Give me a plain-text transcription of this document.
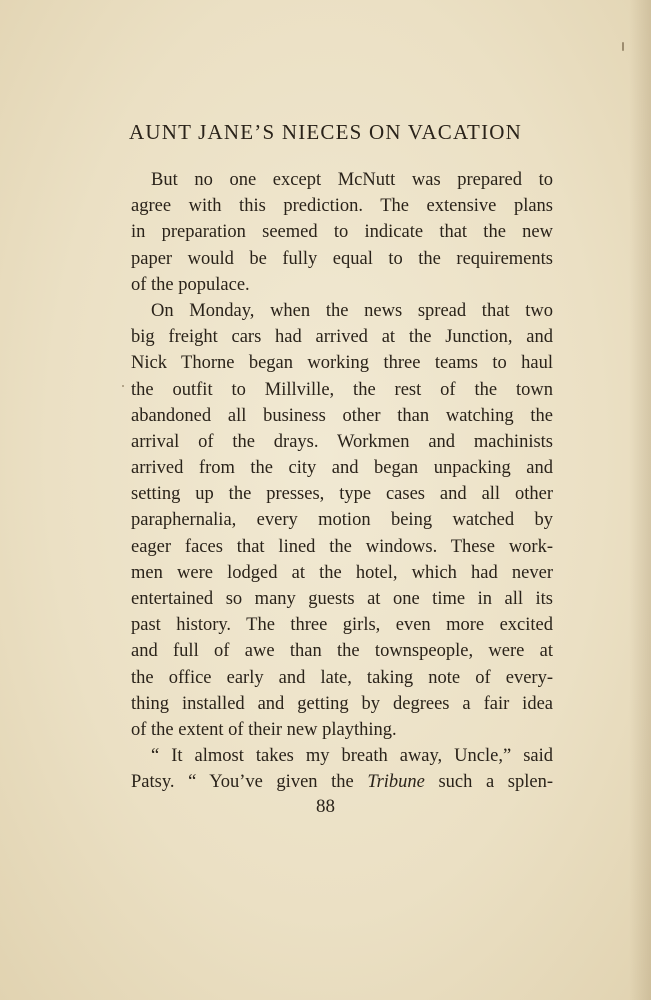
AUNT JANE’S NIECES ON VACATION
But no one except McNutt was prepared to
agree with this prediction. The extensive plans
in preparation seemed to indicate that the new
paper would be fully equal to the requirements
of the populace.
On Monday, when the news spread that two
big freight cars had arrived at the Junction, and
Nick Thorne began working three teams to haul
the outfit to Millville, the rest of the town
abandoned all business other than watching the
arrival of the drays. Workmen and machinists
arrived from the city and began unpacking and
setting up the presses, type cases and all other
paraphernalia, every motion being watched by
eager faces that lined the windows. These work-
men were lodged at the hotel, which had never
entertained so many guests at one time in all its
past history. The three girls, even more excited
and full of awe than the townspeople, were at
the office early and late, taking note of every-
thing installed and getting by degrees a fair idea
of the extent of their new plaything.
“ It almost takes my breath away, Uncle,” said
Patsy. “ You’ve given the Tribune such a splen-
88
